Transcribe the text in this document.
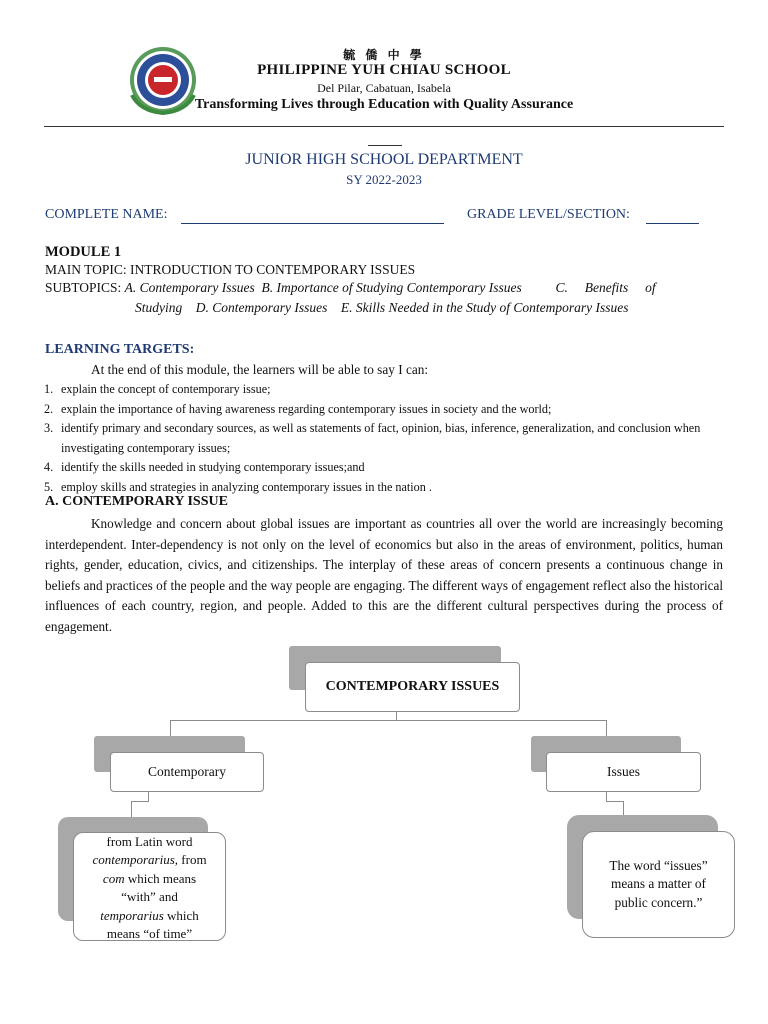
毓 僑 中 學
PHILIPPINE YUH CHIAU SCHOOL
Del Pilar, Cabatuan, Isabela
Transforming Lives through Education with Quality Assurance
JUNIOR HIGH SCHOOL DEPARTMENT
SY 2022-2023
COMPLETE NAME:	GRADE LEVEL/SECTION:
MODULE 1
MAIN TOPIC: INTRODUCTION TO CONTEMPORARY ISSUES
SUBTOPICS: A. Contemporary Issues  B. Importance of Studying Contemporary Issues          C.     Benefits     of
Studying    D. Contemporary Issues    E. Skills Needed in the Study of Contemporary Issues
LEARNING TARGETS:
At the end of this module, the learners will be able to say I can:
1. explain the concept of contemporary issue;
2. explain the importance of having awareness regarding contemporary issues in society and the world;
3. identify primary and secondary sources, as well as statements of fact, opinion, bias, inference, generalization, and conclusion when investigating contemporary issues;
4. identify the skills needed in studying contemporary issues;and
5. employ skills and strategies in analyzing contemporary issues in the nation .
A. CONTEMPORARY ISSUE
Knowledge and concern about global issues are important as countries all over the world are increasingly becoming interdependent. Inter-dependency is not only on the level of economics but also in the areas of environment, politics, human rights, gender, education, civics, and citizenships. The interplay of these areas of concern presents a continuous change in beliefs and practices of the people and the way people are engaging. The different ways of engagement reflect also the historical influences of each country, region, and people. Added to this are the different cultural perspectives during the process of engagement.
CONTEMPORARY ISSUES
Contemporary	Issues
from Latin word
contemporarius, from
com which means
“with” and
temporarius which
means “of time”
The word “issues” means a matter of public concern.”
